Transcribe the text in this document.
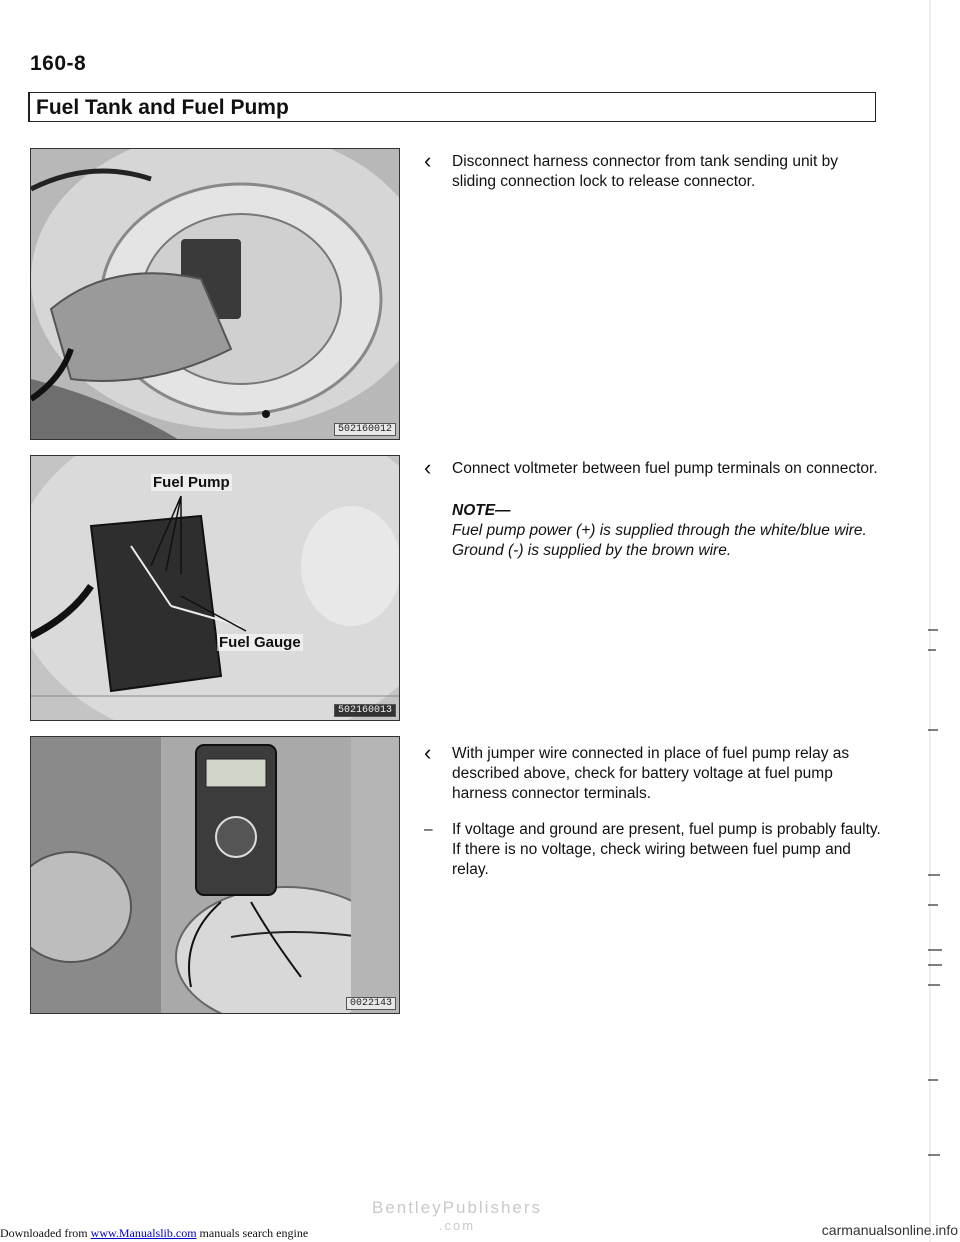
160-8
Fuel Tank and Fuel Pump
502160012
Fuel Pump
Fuel Gauge
502160013
0022143
‹ Disconnect harness connector from tank sending unit by sliding connection lock to release connector.
‹ Connect voltmeter between fuel pump terminals on connector.
NOTE—
Fuel pump power (+) is supplied through the white/blue wire. Ground (-) is supplied by the brown wire.
‹ With jumper wire connected in place of fuel pump relay as described above, check for battery voltage at fuel pump harness connector terminals.
– If voltage and ground are present, fuel pump is probably faulty. If there is no voltage, check wiring between fuel pump and relay.
BentleyPublishers
.com
Downloaded from www.Manualslib.com manuals search engine	carmanualsonline.info
